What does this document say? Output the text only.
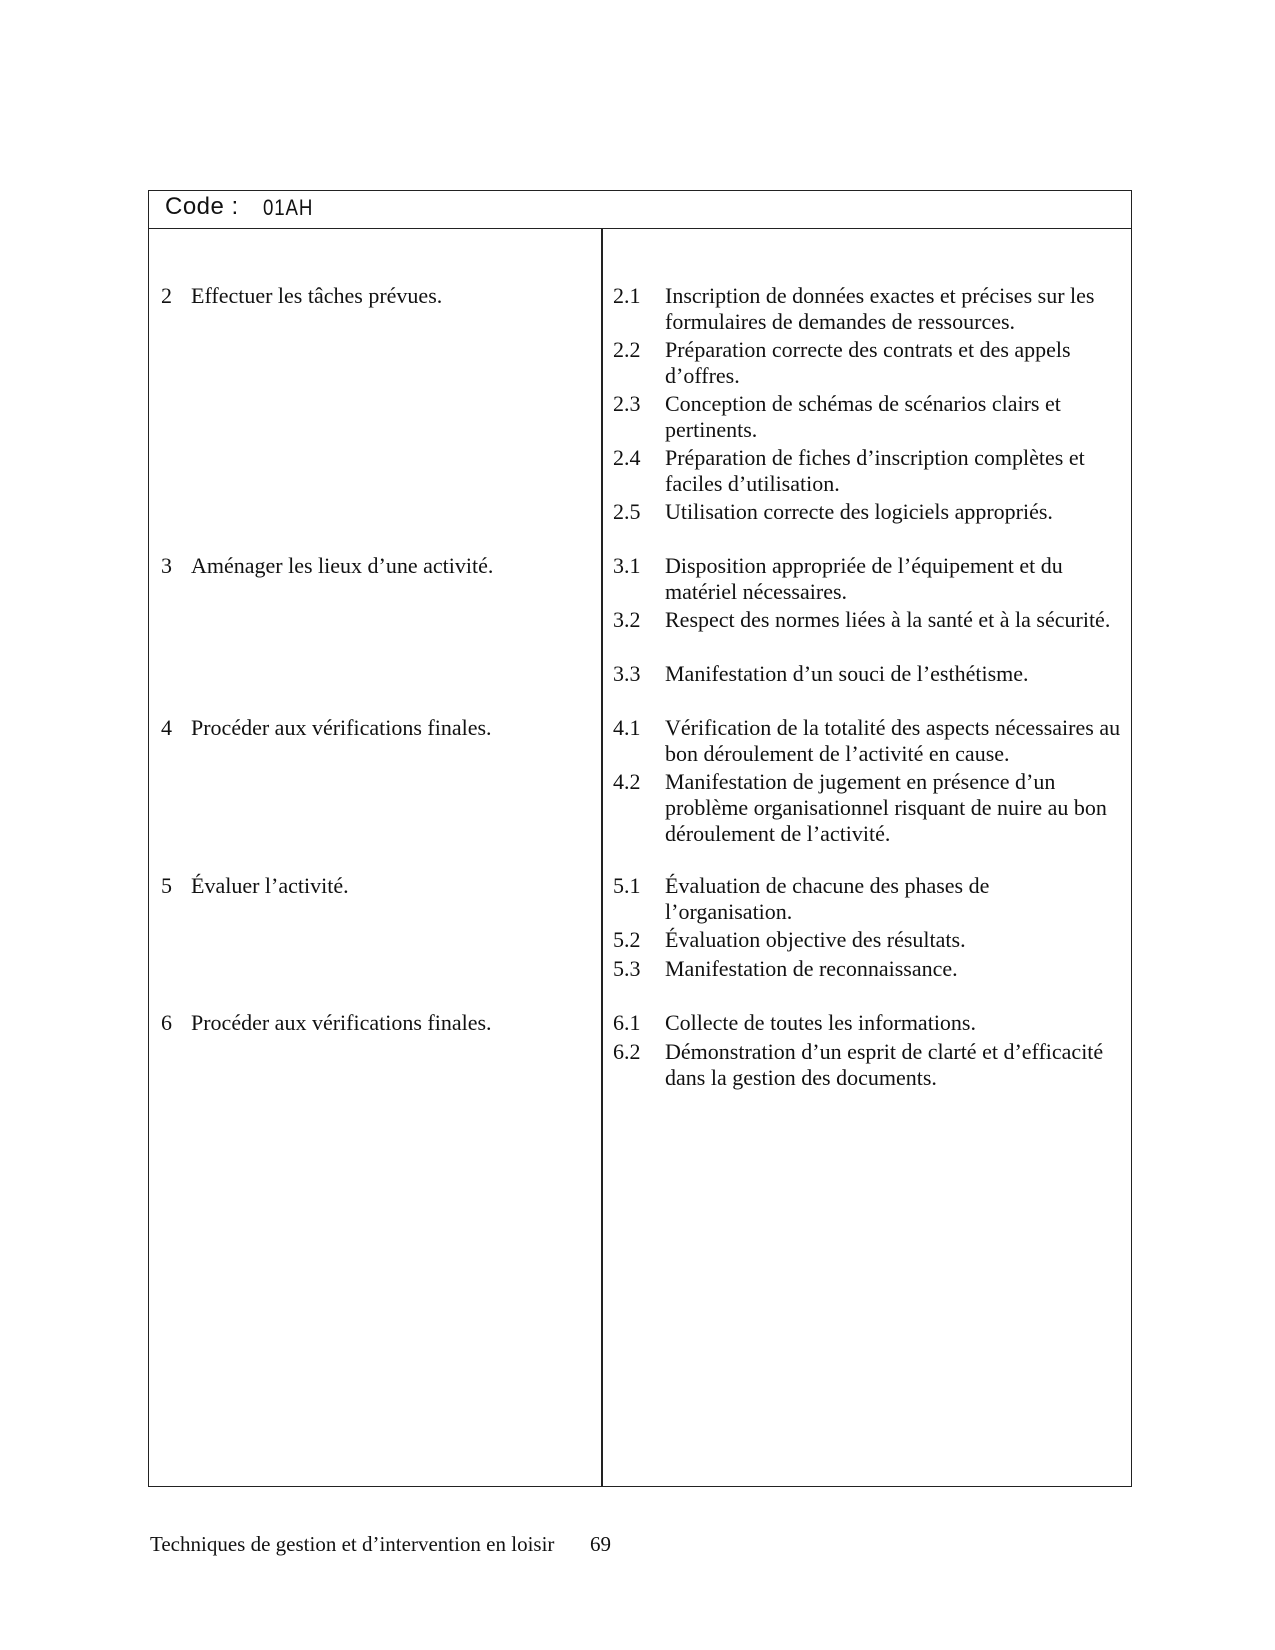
Code : 01AH
2 Effectuer les tâches prévues.
3 Aménager les lieux d’une activité.
4 Procéder aux vérifications finales.
5 Évaluer l’activité.
6 Procéder aux vérifications finales.
2.1 Inscription de données exactes et précises sur les formulaires de demandes de ressources.
2.2 Préparation correcte des contrats et des appels d’offres.
2.3 Conception de schémas de scénarios clairs et pertinents.
2.4 Préparation de fiches d’inscription complètes et faciles d’utilisation.
2.5 Utilisation correcte des logiciels appropriés.
3.1 Disposition appropriée de l’équipement et du matériel nécessaires.
3.2 Respect des normes liées à la santé et à la sécurité.
3.3 Manifestation d’un souci de l’esthétisme.
4.1 Vérification de la totalité des aspects nécessaires au bon déroulement de l’activité en cause.
4.2 Manifestation de jugement en présence d’un problème organisationnel risquant de nuire au bon déroulement de l’activité.
5.1 Évaluation de chacune des phases de l’organisation.
5.2 Évaluation objective des résultats.
5.3 Manifestation de reconnaissance.
6.1 Collecte de toutes les informations.
6.2 Démonstration d’un esprit de clarté et d’efficacité dans la gestion des documents.
Techniques de gestion et d’intervention en loisir 69
